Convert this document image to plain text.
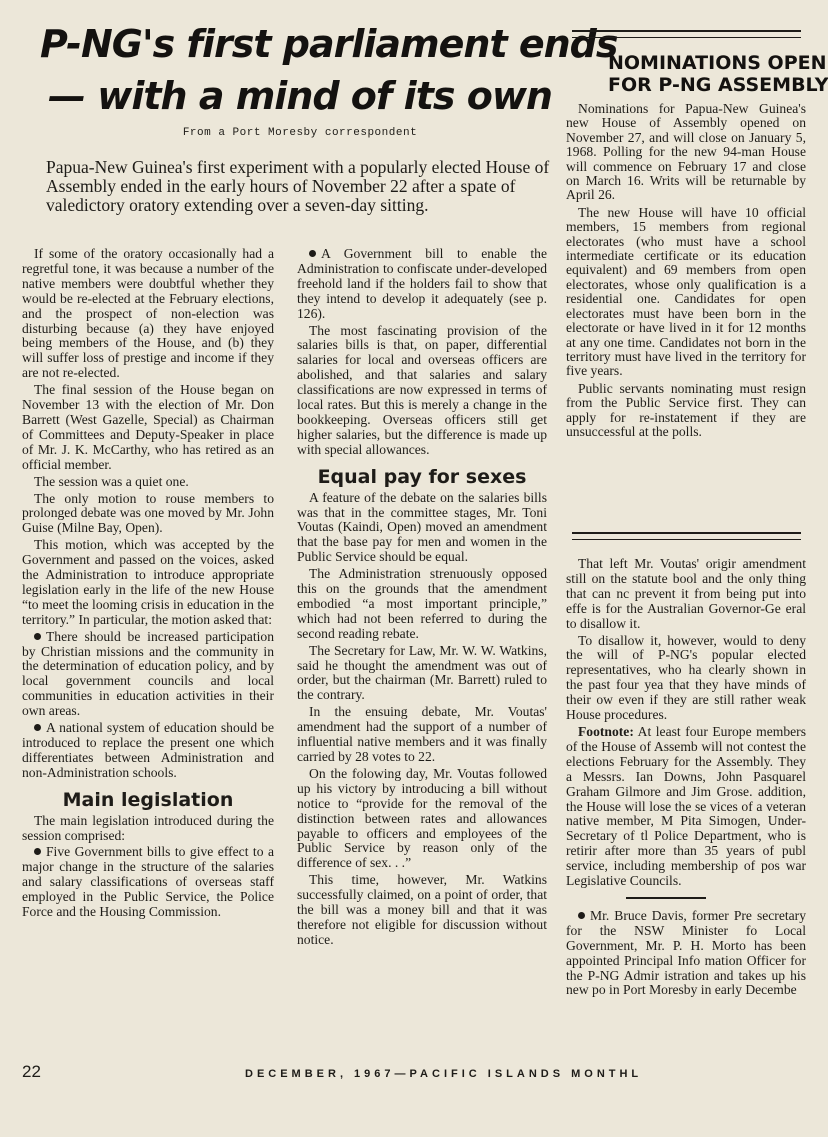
P-NG's first parliament ends
— with a mind of its own
From a Port Moresby correspondent
Papua-New Guinea's first experiment with a popularly elected House of Assembly ended in the early hours of November 22 after a spate of valedictory oratory extending over a seven-day sitting.

If some of the oratory occasionally had a regretful tone, it was because a number of the native members were doubtful whether they would be re-elected at the February elections, and the prospect of non-election was disturbing because (a) they have enjoyed being members of the House, and (b) they will suffer loss of prestige and income if they are not re-elected.

The final session of the House began on November 13 with the election of Mr. Don Barrett (West Gazelle, Special) as Chairman of Committees and Deputy-Speaker in place of Mr. J. K. McCarthy, who has retired as an official member.

The session was a quiet one.

The only motion to rouse members to prolonged debate was one moved by Mr. John Guise (Milne Bay, Open).

This motion, which was accepted by the Government and passed on the voices, asked the Administration to introduce appropriate legislation early in the life of the new House “to meet the looming crisis in education in the territory.” In particular, the motion asked that:

There should be increased participation by Christian missions and the community in the determination of education policy, and by local government councils and local communities in education activities in their own areas.

A national system of education should be introduced to replace the present one which differentiates between Administration and non-Administration schools.

Main legislation

The main legislation introduced during the session comprised:

Five Government bills to give effect to a major change in the structure of the salaries and salary classifications of overseas staff employed in the Public Service, the Police Force and the Housing Commission.

A Government bill to enable the Administration to confiscate under-developed freehold land if the holders fail to show that they intend to develop it adequately (see p. 126).

The most fascinating provision of the salaries bills is that, on paper, differential salaries for local and overseas officers are abolished, and that salaries and salary classifications are now expressed in terms of local rates. But this is merely a change in the bookkeeping. Overseas officers still get higher salaries, but the difference is made up with special allowances.

Equal pay for sexes

A feature of the debate on the salaries bills was that in the committee stages, Mr. Toni Voutas (Kaindi, Open) moved an amendment that the base pay for men and women in the Public Service should be equal.

The Administration strenuously opposed this on the grounds that the amendment embodied “a most important principle,” which had not been referred to during the second reading rebate.

The Secretary for Law, Mr. W. W. Watkins, said he thought the amendment was out of order, but the chairman (Mr. Barrett) ruled to the contrary.

In the ensuing debate, Mr. Voutas' amendment had the support of a number of influential native members and it was finally carried by 28 votes to 22.

On the folowing day, Mr. Voutas followed up his victory by introducing a bill without notice to “provide for the removal of the distinction between rates and allowances payable to officers and employees of the Public Service by reason only of the difference of sex. . .”

This time, however, Mr. Watkins successfully claimed, on a point of order, that the bill was a money bill and that it was therefore not eligible for discussion without notice.

NOMINATIONS OPEN
FOR P-NG ASSEMBLY

Nominations for Papua-New Guinea's new House of Assembly opened on November 27, and will close on January 5, 1968. Polling for the new 94-man House will commence on February 17 and close on March 16. Writs will be returnable by April 26.

The new House will have 10 official members, 15 members from regional electorates (who must have a school intermediate certificate or its education equivalent) and 69 members from open electorates, whose only qualification is a residential one. Candidates for open electorates must have been born in the electorate or have lived in it for 12 months at any one time. Candidates not born in the territory must have lived in the territory for five years.

Public servants nominating must resign from the Public Service first. They can apply for re-instatement if they are unsuccessful at the polls.

That left Mr. Voutas' origir amendment still on the statute bool and the only thing that can nc prevent it from being put into effe is for the Australian Governor-Ge eral to disallow it.

To disallow it, however, would to deny the will of P-NG's popular elected representatives, who ha clearly shown in the past four yea that they have minds of their ow even if they are still rather weak House procedures.

Footnote: At least four Europe members of the House of Assemb will not contest the elections February for the Assembly. They a Messrs. Ian Downs, John Pasquarel Graham Gilmore and Jim Grose. addition, the House will lose the se vices of a veteran native member, M Pita Simogen, Under-Secretary of tl Police Department, who is retirir after more than 35 years of publ service, including membership of pos war Legislative Councils.

Mr. Bruce Davis, former Pre secretary for the NSW Minister fo Local Government, Mr. P. H. Morto has been appointed Principal Info mation Officer for the P-NG Admir istration and takes up his new po in Port Moresby in early Decembe

22	DECEMBER, 1967—PACIFIC ISLANDS MONTHL
